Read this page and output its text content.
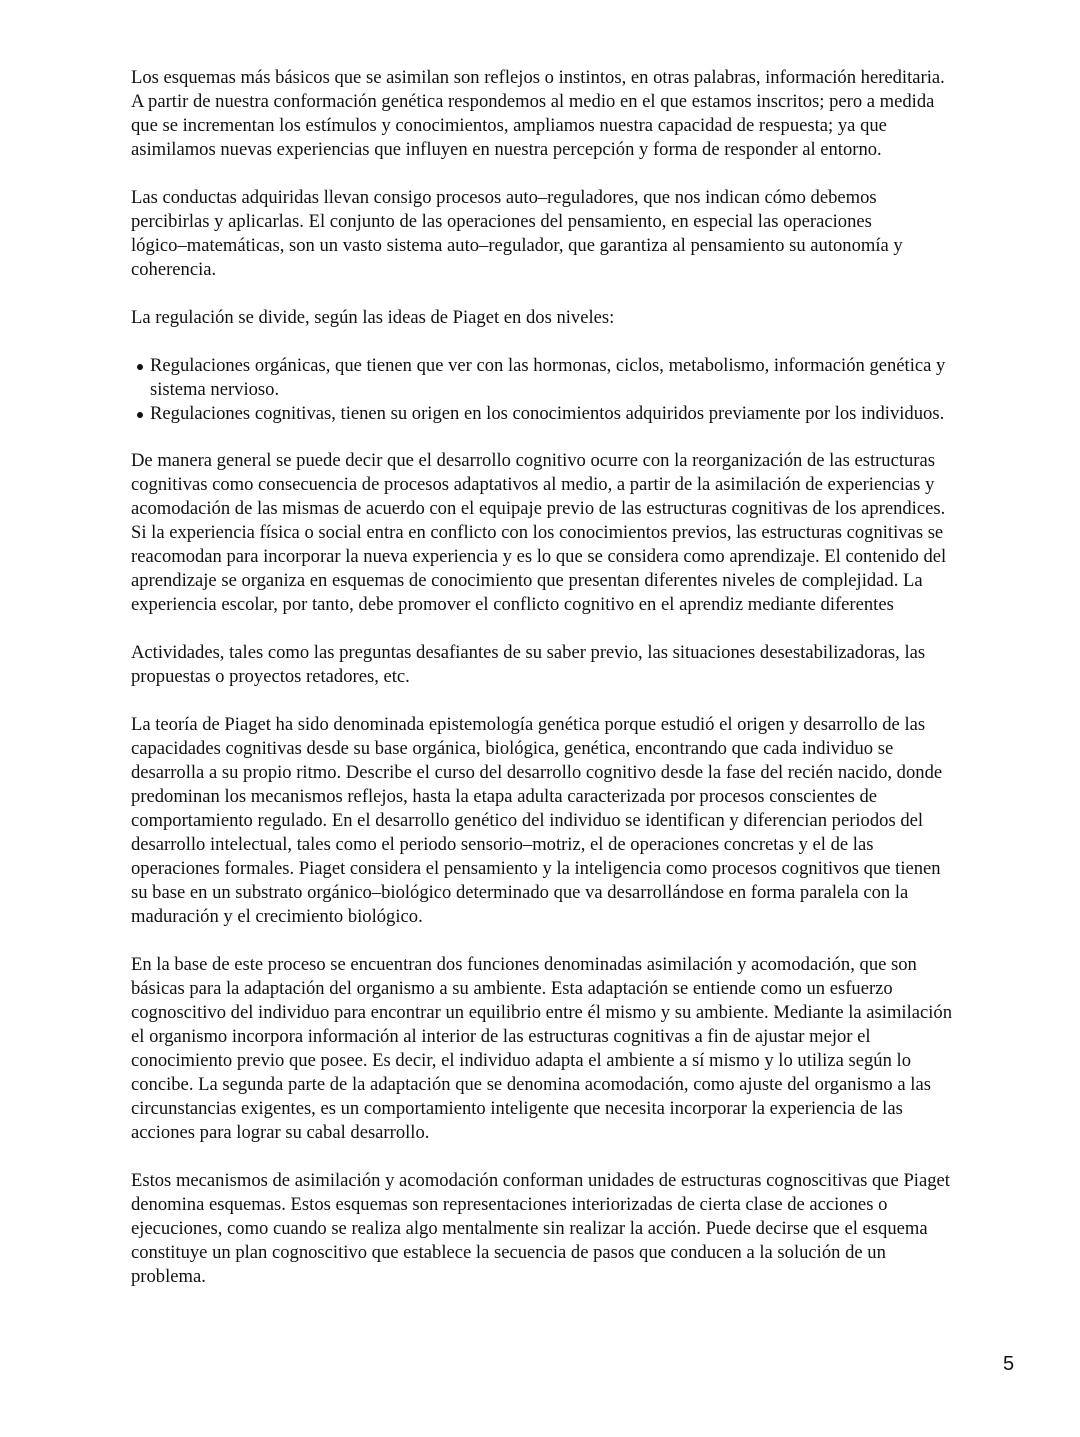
Los esquemas más básicos que se asimilan son reflejos o instintos, en otras palabras, información hereditaria.
A partir de nuestra conformación genética respondemos al medio en el que estamos inscritos; pero a medida
que se incrementan los estímulos y conocimientos, ampliamos nuestra capacidad de respuesta; ya que
asimilamos nuevas experiencias que influyen en nuestra percepción y forma de responder al entorno.
Las conductas adquiridas llevan consigo procesos auto–reguladores, que nos indican cómo debemos
percibirlas y aplicarlas. El conjunto de las operaciones del pensamiento, en especial las operaciones
lógico–matemáticas, son un vasto sistema auto–regulador, que garantiza al pensamiento su autonomía y
coherencia.
La regulación se divide, según las ideas de Piaget en dos niveles:
Regulaciones orgánicas, que tienen que ver con las hormonas, ciclos, metabolismo, información genética y
sistema nervioso.
Regulaciones cognitivas, tienen su origen en los conocimientos adquiridos previamente por los individuos.
De manera general se puede decir que el desarrollo cognitivo ocurre con la reorganización de las estructuras
cognitivas como consecuencia de procesos adaptativos al medio, a partir de la asimilación de experiencias y
acomodación de las mismas de acuerdo con el equipaje previo de las estructuras cognitivas de los aprendices.
Si la experiencia física o social entra en conflicto con los conocimientos previos, las estructuras cognitivas se
reacomodan para incorporar la nueva experiencia y es lo que se considera como aprendizaje. El contenido del
aprendizaje se organiza en esquemas de conocimiento que presentan diferentes niveles de complejidad. La
experiencia escolar, por tanto, debe promover el conflicto cognitivo en el aprendiz mediante diferentes
Actividades, tales como las preguntas desafiantes de su saber previo, las situaciones desestabilizadoras, las
propuestas o proyectos retadores, etc.
La teoría de Piaget ha sido denominada epistemología genética porque estudió el origen y desarrollo de las
capacidades cognitivas desde su base orgánica, biológica, genética, encontrando que cada individuo se
desarrolla a su propio ritmo. Describe el curso del desarrollo cognitivo desde la fase del recién nacido, donde
predominan los mecanismos reflejos, hasta la etapa adulta caracterizada por procesos conscientes de
comportamiento regulado. En el desarrollo genético del individuo se identifican y diferencian periodos del
desarrollo intelectual, tales como el periodo sensorio–motriz, el de operaciones concretas y el de las
operaciones formales. Piaget considera el pensamiento y la inteligencia como procesos cognitivos que tienen
su base en un substrato orgánico–biológico determinado que va desarrollándose en forma paralela con la
maduración y el crecimiento biológico.
En la base de este proceso se encuentran dos funciones denominadas asimilación y acomodación, que son
básicas para la adaptación del organismo a su ambiente. Esta adaptación se entiende como un esfuerzo
cognoscitivo del individuo para encontrar un equilibrio entre él mismo y su ambiente. Mediante la asimilación
el organismo incorpora información al interior de las estructuras cognitivas a fin de ajustar mejor el
conocimiento previo que posee. Es decir, el individuo adapta el ambiente a sí mismo y lo utiliza según lo
concibe. La segunda parte de la adaptación que se denomina acomodación, como ajuste del organismo a las
circunstancias exigentes, es un comportamiento inteligente que necesita incorporar la experiencia de las
acciones para lograr su cabal desarrollo.
Estos mecanismos de asimilación y acomodación conforman unidades de estructuras cognoscitivas que Piaget
denomina esquemas. Estos esquemas son representaciones interiorizadas de cierta clase de acciones o
ejecuciones, como cuando se realiza algo mentalmente sin realizar la acción. Puede decirse que el esquema
constituye un plan cognoscitivo que establece la secuencia de pasos que conducen a la solución de un
problema.
5
